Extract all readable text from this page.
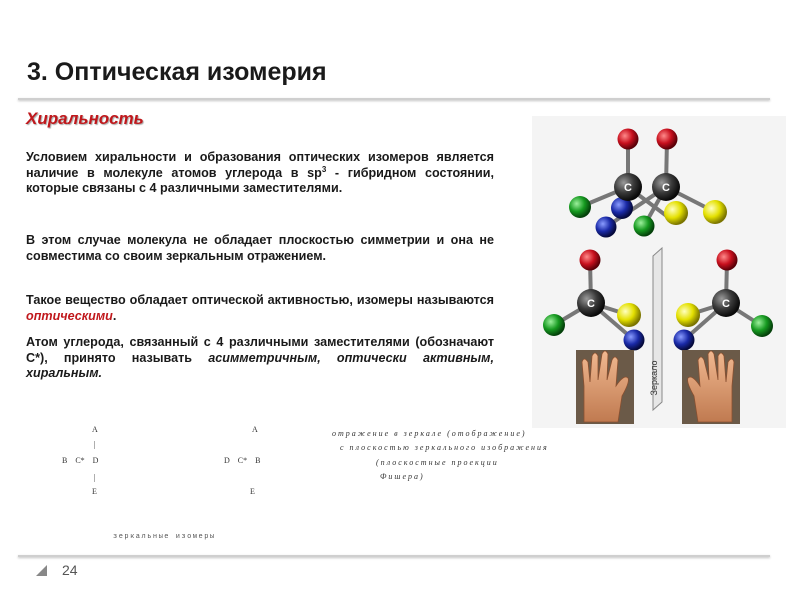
3. Оптическая изомерия
Хиральность

Условием хиральности и образования оптических изомеров является наличие в молекуле атомов углерода в $sp^3$ - гибридном состоянии, которые связаны с 4 различными заместителями.

В этом случае молекула не обладает плоскостью симметрии и она не совместима со своим зеркальным отражением.

Такое вещество обладает оптической активностью, изомеры называются оптическими.

Атом углерода, связанный с 4 различными заместителями (обозначают С*), принято называть асимметричным, оптически активным, хиральным.

C	C
Зеркало
C	C
A
|
B    C*    D
|
E
A
D    C*    B
E
отражение в зеркале (отображение)
с плоскостью зеркального изображения
(плоскостные проекции
Фишера)
зеркальные изомеры
24
